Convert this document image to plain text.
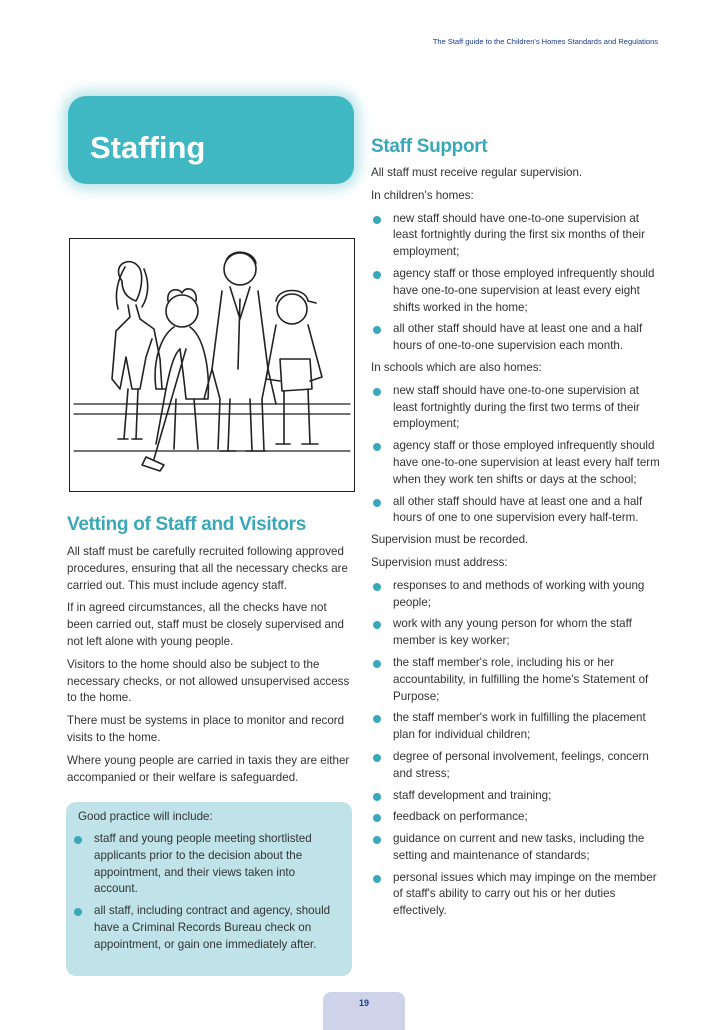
The Staff guide to the Children's Homes Standards and Regulations
Staffing
Vetting of Staff and Visitors

All staff must be carefully recruited following approved procedures, ensuring that all the necessary checks are carried out. This must include agency staff.

If in agreed circumstances, all the checks have not been carried out, staff must be closely supervised and not left alone with young people.

Visitors to the home should also be subject to the necessary checks, or not allowed unsupervised access to the home.

There must be systems in place to monitor and record visits to the home.

Where young people are carried in taxis they are either accompanied or their welfare is safeguarded.

Good practice will include:
staff and young people meeting shortlisted applicants prior to the decision about the appointment, and their views taken into account.
all staff, including contract and agency, should have a Criminal Records Bureau check on appointment, or gain one immediately after.
Staff Support

All staff must receive regular supervision.

In children's homes:

new staff should have one-to-one supervision at least fortnightly during the first six months of their employment;
agency staff or those employed infrequently should have one-to-one supervision at least every eight shifts worked in the home;
all other staff should have at least one and a half hours of one-to-one supervision each month.

In schools which are also homes:

new staff should have one-to-one supervision at least fortnightly during the first two terms of their employment;
agency staff or those employed infrequently should have one-to-one supervision at least every half term when they work ten shifts or days at the school;
all other staff should have at least one and a half hours of one to one supervision every half-term.

Supervision must be recorded.

Supervision must address:

responses to and methods of working with young people;
work with any young person for whom the staff member is key worker;
the staff member's role, including his or her accountability, in fulfilling the home's Statement of Purpose;
the staff member's work in fulfilling the placement plan for individual children;
degree of personal involvement, feelings, concern and stress;
staff development and training;
feedback on performance;
guidance on current and new tasks, including the setting and maintenance of standards;
personal issues which may impinge on the member of staff's ability to carry out his or her duties effectively.
19
